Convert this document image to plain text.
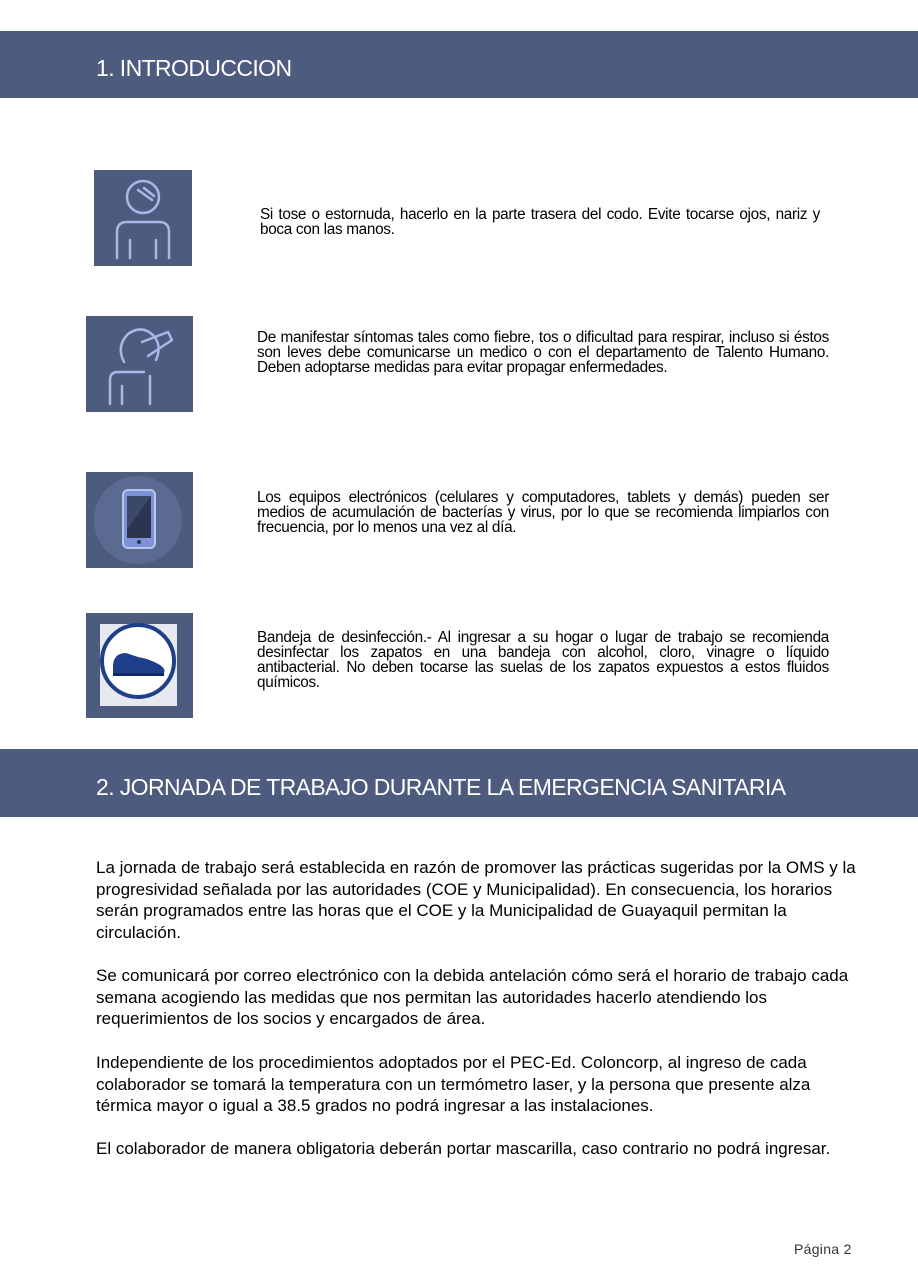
1. INTRODUCCION
Si tose o estornuda, hacerlo en la parte trasera del codo. Evite tocarse ojos, nariz y boca con las manos.
De manifestar síntomas tales como fiebre, tos o dificultad para respirar, incluso si éstos son leves debe comunicarse un medico o con el departamento de Talento Humano. Deben adoptarse medidas para evitar propagar enfermedades.
Los equipos electrónicos (celulares y computadores, tablets y demás) pueden ser medios de acumulación de bacterías y virus, por lo que se recomienda limpiarlos con frecuencia, por lo menos una vez al día.
Bandeja de desinfección.- Al ingresar a su hogar o lugar de trabajo se recomienda desinfectar los zapatos en una bandeja con alcohol, cloro, vinagre o líquido antibacterial. No deben tocarse las suelas de los zapatos expuestos a estos fluidos químicos.
2. JORNADA DE TRABAJO DURANTE LA EMERGENCIA SANITARIA

La jornada de trabajo será establecida en razón de promover las prácticas sugeridas por la OMS y la progresividad señalada por las autoridades (COE y Municipalidad). En consecuencia, los horarios serán programados entre las horas que el COE y la Municipalidad de Guayaquil permitan la circulación.

Se comunicará por correo electrónico con la debida antelación cómo será el horario de trabajo cada semana acogiendo las medidas que nos permitan las autoridades hacerlo atendiendo los requerimientos de los socios y encargados de área.

Independiente de los procedimientos adoptados por el PEC-Ed. Coloncorp, al ingreso de cada colaborador se tomará la temperatura con un termómetro laser, y la persona que presente alza térmica mayor o igual a 38.5 grados no podrá ingresar a las instalaciones.

El colaborador de manera obligatoria deberán portar mascarilla, caso contrario no podrá ingresar.

Página 2
